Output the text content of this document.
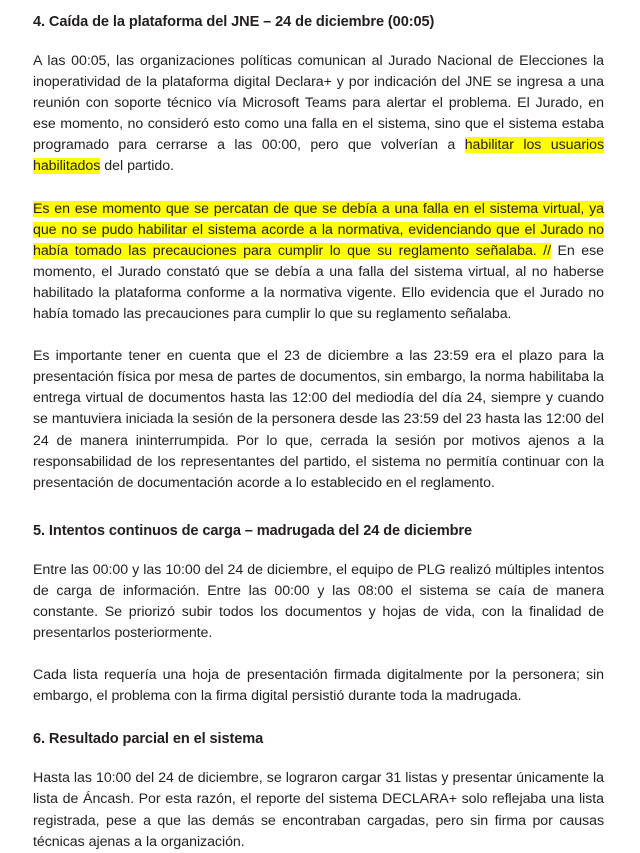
4. Caída de la plataforma del JNE – 24 de diciembre (00:05)

A las 00:05, las organizaciones políticas comunican al Jurado Nacional de Elecciones la inoperatividad de la plataforma digital Declara+ y por indicación del JNE se ingresa a una reunión con soporte técnico vía Microsoft Teams para alertar el problema. El Jurado, en ese momento, no consideró esto como una falla en el sistema, sino que el sistema estaba programado para cerrarse a las 00:00, pero que volverían a habilitar los usuarios habilitados del partido.

Es en ese momento que se percatan de que se debía a una falla en el sistema virtual, ya que no se pudo habilitar el sistema acorde a la normativa, evidenciando que el Jurado no había tomado las precauciones para cumplir lo que su reglamento señalaba. // En ese momento, el Jurado constató que se debía a una falla del sistema virtual, al no haberse habilitado la plataforma conforme a la normativa vigente. Ello evidencia que el Jurado no había tomado las precauciones para cumplir lo que su reglamento señalaba.

Es importante tener en cuenta que el 23 de diciembre a las 23:59 era el plazo para la presentación física por mesa de partes de documentos, sin embargo, la norma habilitaba la entrega virtual de documentos hasta las 12:00 del mediodía del día 24, siempre y cuando se mantuviera iniciada la sesión de la personera desde las 23:59 del 23 hasta las 12:00 del 24 de manera ininterrumpida. Por lo que, cerrada la sesión por motivos ajenos a la responsabilidad de los representantes del partido, el sistema no permitía continuar con la presentación de documentación acorde a lo establecido en el reglamento.

5. Intentos continuos de carga – madrugada del 24 de diciembre

Entre las 00:00 y las 10:00 del 24 de diciembre, el equipo de PLG realizó múltiples intentos de carga de información. Entre las 00:00 y las 08:00 el sistema se caía de manera constante. Se priorizó subir todos los documentos y hojas de vida, con la finalidad de presentarlos posteriormente.

Cada lista requería una hoja de presentación firmada digitalmente por la personera; sin embargo, el problema con la firma digital persistió durante toda la madrugada.

6. Resultado parcial en el sistema

Hasta las 10:00 del 24 de diciembre, se lograron cargar 31 listas y presentar únicamente la lista de Áncash. Por esta razón, el reporte del sistema DECLARA+ solo reflejaba una lista registrada, pese a que las demás se encontraban cargadas, pero sin firma por causas técnicas ajenas a la organización.
